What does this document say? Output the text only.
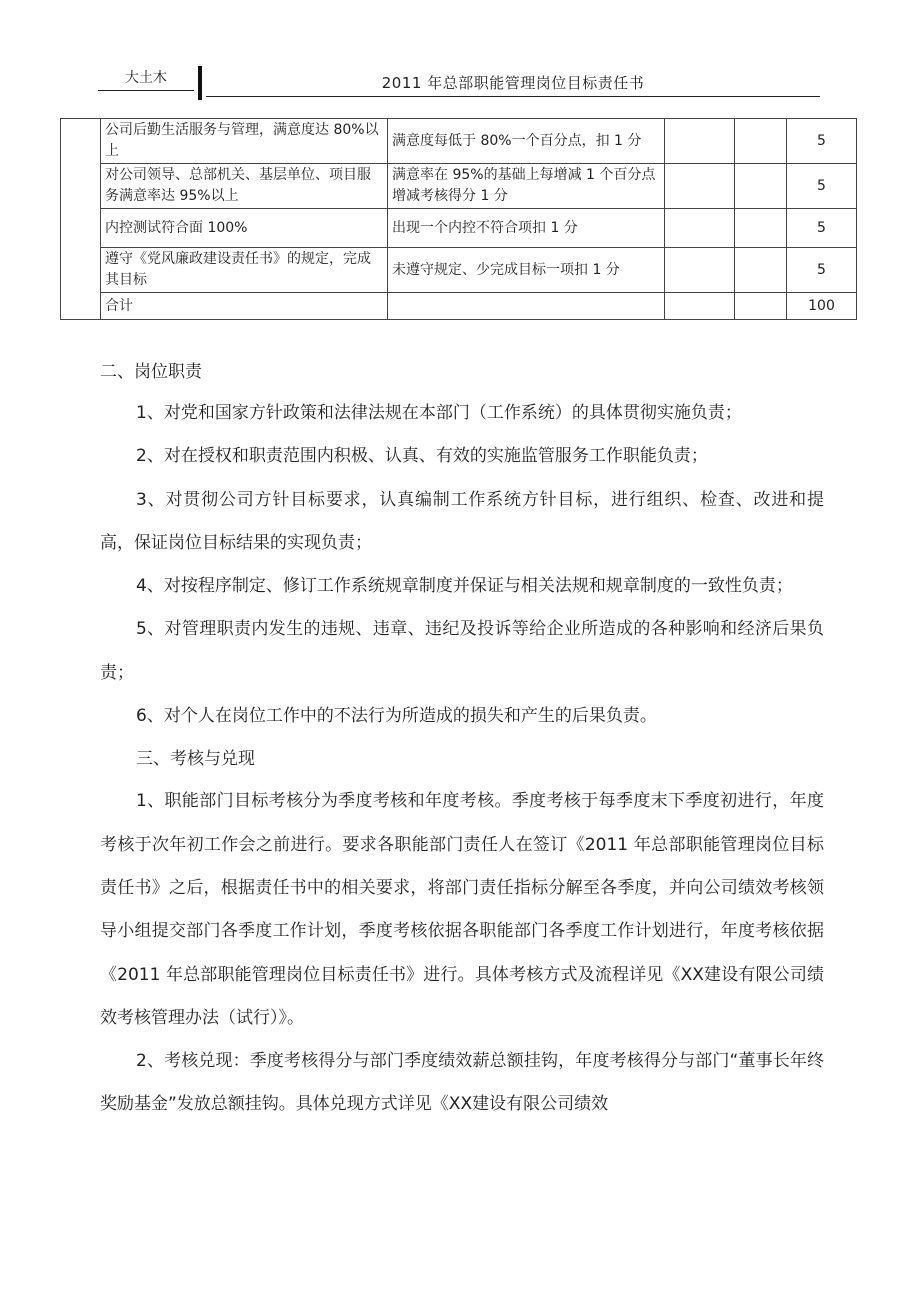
大土木	2011 年总部职能管理岗位目标责任书
	公司后勤生活服务与管理，满意度达 80%以上	满意度每低于 80%一个百分点，扣 1 分			5
	对公司领导、总部机关、基层单位、项目服务满意率达 95%以上	满意率在 95%的基础上每增减 1 个百分点增减考核得分 1 分			5
	内控测试符合面 100%	出现一个内控不符合项扣 1 分			5
	遵守《党风廉政建设责任书》的规定，完成其目标	未遵守规定、少完成目标一项扣 1 分			5
	合计				100

二、岗位职责

1、对党和国家方针政策和法律法规在本部门（工作系统）的具体贯彻实施负责；

2、对在授权和职责范围内积极、认真、有效的实施监管服务工作职能负责；

3、对贯彻公司方针目标要求，认真编制工作系统方针目标，进行组织、检查、改进和提高，保证岗位目标结果的实现负责；

4、对按程序制定、修订工作系统规章制度并保证与相关法规和规章制度的一致性负责；

5、对管理职责内发生的违规、违章、违纪及投诉等给企业所造成的各种影响和经济后果负责；

6、对个人在岗位工作中的不法行为所造成的损失和产生的后果负责。

三、考核与兑现

1、职能部门目标考核分为季度考核和年度考核。季度考核于每季度末下季度初进行，年度考核于次年初工作会之前进行。要求各职能部门责任人在签订《2011 年总部职能管理岗位目标责任书》之后，根据责任书中的相关要求，将部门责任指标分解至各季度，并向公司绩效考核领导小组提交部门各季度工作计划，季度考核依据各职能部门各季度工作计划进行，年度考核依据《2011 年总部职能管理岗位目标责任书》进行。具体考核方式及流程详见《XX建设有限公司绩效考核管理办法（试行）》。

2、考核兑现：季度考核得分与部门季度绩效薪总额挂钩，年度考核得分与部门“董事长年终奖励基金”发放总额挂钩。具体兑现方式详见《XX建设有限公司绩效
